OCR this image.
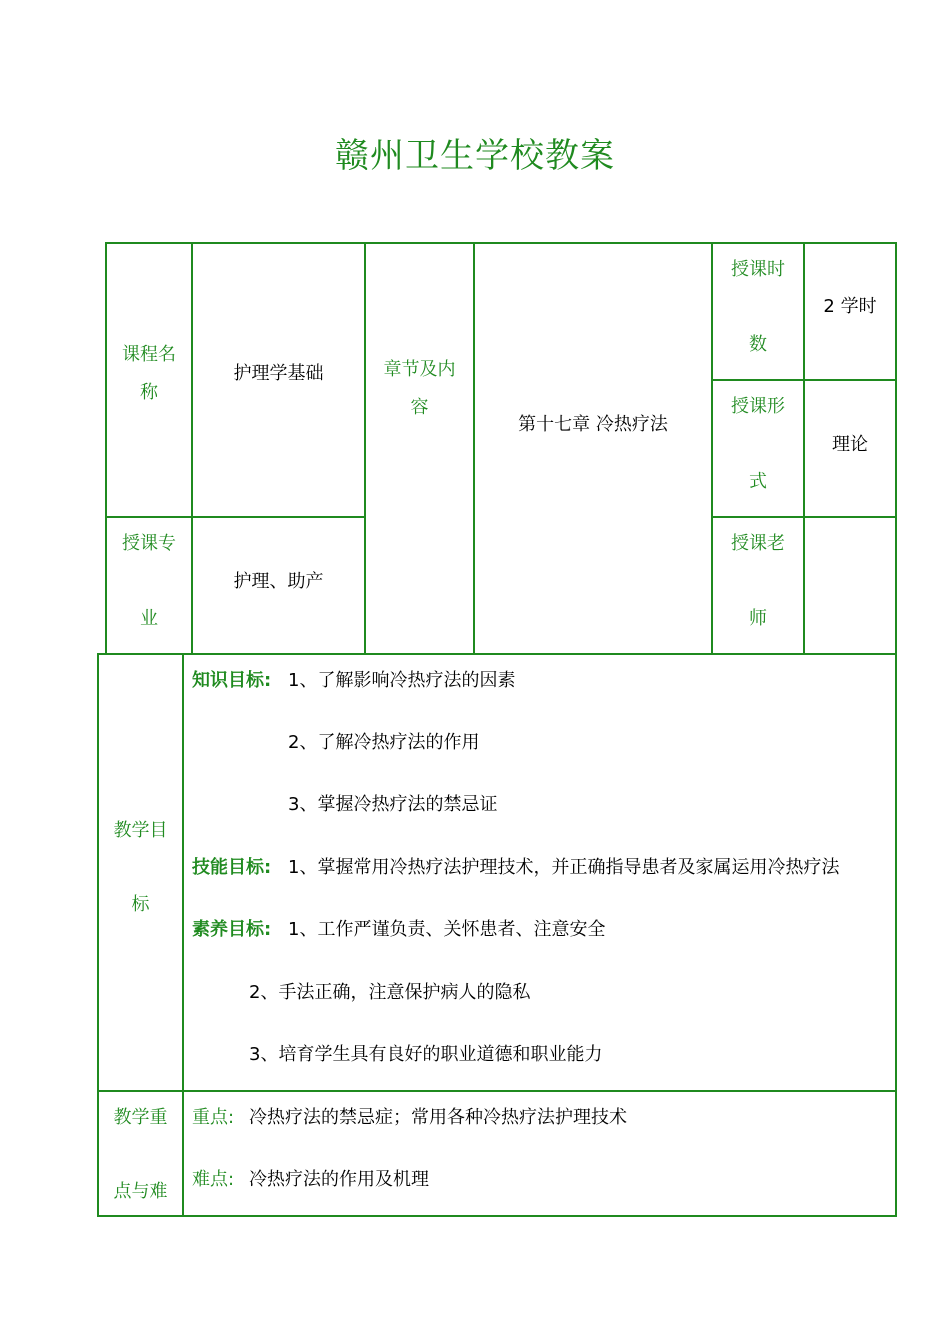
赣州卫生学校教案
课程名
称
护理学基础	章节及内
容
第十七章 冷热疗法
授课时
数
2 学时
授课形
式
理论
授课专
业
护理、助产
授课老
师
教学目
标
知识目标: 1、了解影响冷热疗法的因素
2、了解冷热疗法的作用
3、掌握冷热疗法的禁忌证
技能目标: 1、掌握常用冷热疗法护理技术，并正确指导患者及家属运用冷热疗法
素养目标: 1、工作严谨负责、关怀患者、注意安全
2、手法正确，注意保护病人的隐私
3、培育学生具有良好的职业道德和职业能力
教学重
点与难
重点: 冷热疗法的禁忌症；常用各种冷热疗法护理技术
难点: 冷热疗法的作用及机理
